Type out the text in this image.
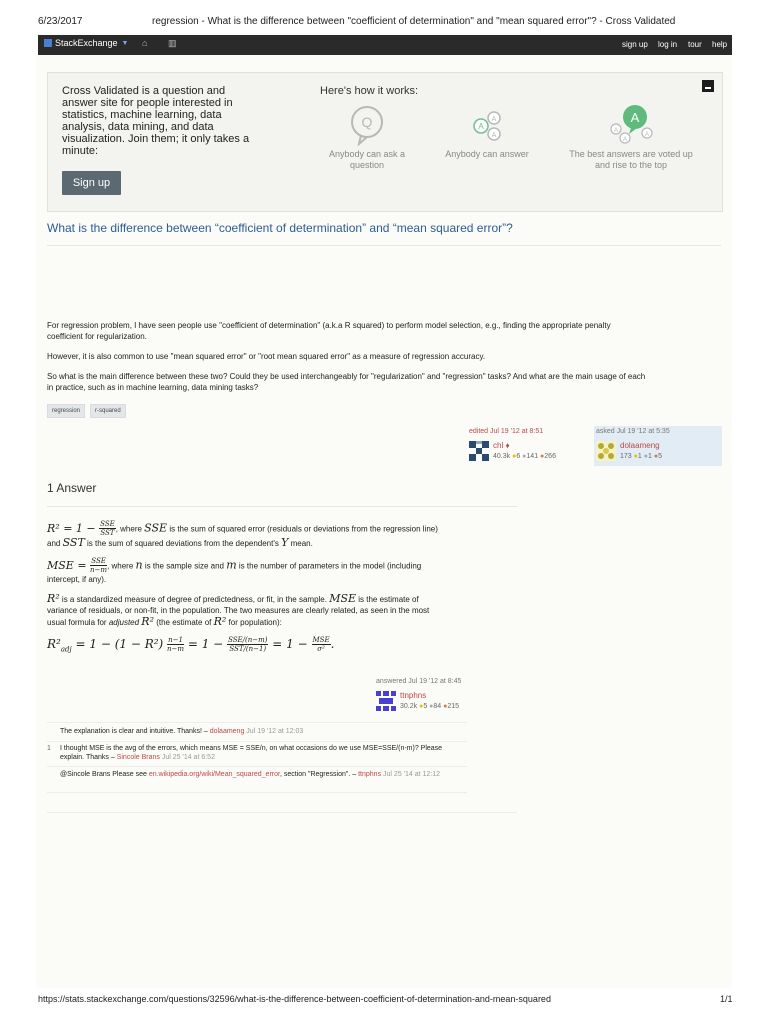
6/23/2017	regression - What is the difference between "coefficient of determination" and "mean squared error"? - Cross Validated
StackExchange ▼ ⌂ ▥	sign up log in tour help
Cross Validated is a question and answer site for people interested in statistics, machine learning, data analysis, data mining, and data visualization. Join them; it only takes a minute:
Sign up
Here's how it works:
Q
Anybody can ask a question
A
A
A
Anybody can answer
A
A
A
A
The best answers are voted up and rise to the top
What is the difference between “coefficient of determination” and “mean squared error”?

For regression problem, I have seen people use "coefficient of determination" (a.k.a R squared) to perform model selection, e.g., finding the appropriate penalty coefficient for regularization.

However, it is also common to use "mean squared error" or "root mean squared error" as a measure of regression accuracy.

So what is the main difference between these two? Could they be used interchangeably for "regularization" and "regression" tasks? And what are the main usage of each in practice, such as in machine learning, data mining tasks?

regression	r-squared
edited Jul 19 '12 at 8:51
chl ♦
40.3k ●6 ●141 ●266
asked Jul 19 '12 at 5:35
dolaameng
173 ●1 ●1 ●5
1 Answer
$R^2 = 1 - \frac{\text{SSE}}{\text{SST}}$ , where SSE is the sum of squared error (residuals or deviations from the regression line) and SST is the sum of squared deviations from the dependent's Y mean.
MSE = $\frac{\text{SSE}}{n-m}$ , where n is the sample size and m is the number of parameters in the model (including intercept, if any).
R² is a standardized measure of degree of predictedness, or fit, in the sample. MSE is the estimate of variance of residuals, or non-fit, in the population. The two measures are clearly related, as seen in the most usual formula for adjusted R² (the estimate of R² for population):
$R^2_{adj} = 1 - (1 - R^2) \frac{n-1}{n-m} = 1 - \frac{\text{SSE/(n−m)}}{\text{SST/(n−1)}} = 1 - \frac{\text{MSE}}{\text{σ²}}$ .
answered Jul 19 '12 at 8:45
ttnphns
30.2k ●5 ●84 ●215
The explanation is clear and intuitive. Thanks! – dolaameng Jul 19 '12 at 12:03
1 I thought MSE is the avg of the errors, which means MSE = SSE/n, on what occasions do we use MSE=SSE/(n-m)? Please explain. Thanks – Sincole Brans Jul 25 '14 at 6:52
@Sincole Brans Please see en.wikipedia.org/wiki/Mean_squared_error, section "Regression". – ttnphns Jul 25 '14 at 12:12
https://stats.stackexchange.com/questions/32596/what-is-the-difference-between-coefficient-of-determination-and-mean-squared	1/1
